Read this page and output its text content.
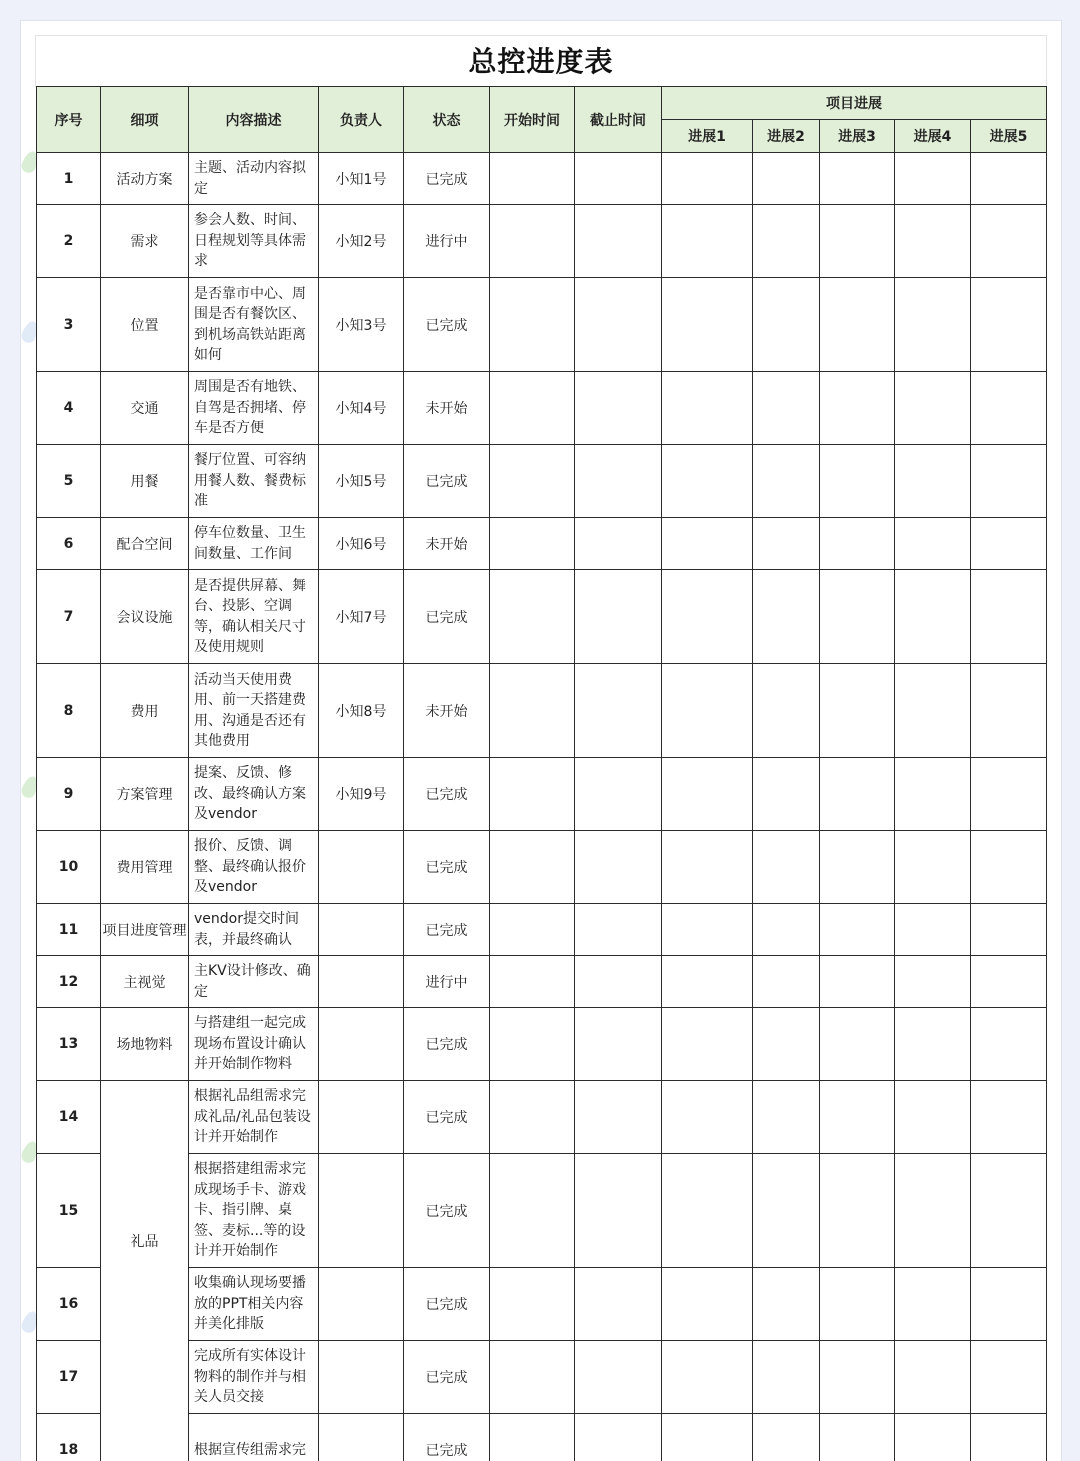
总控进度表
序号	细项	内容描述	负责人	状态	开始时间	截止时间	项目进展				
							进展1	进展2	进展3	进展4	进展5
1	活动方案	主题、活动内容拟定	小知1号	已完成							
2	需求	参会人数、时间、日程规划等具体需求	小知2号	进行中							
3	位置	是否靠市中心、周围是否有餐饮区、到机场高铁站距离如何	小知3号	已完成							
4	交通	周围是否有地铁、自驾是否拥堵、停车是否方便	小知4号	未开始							
5	用餐	餐厅位置、可容纳用餐人数、餐费标准	小知5号	已完成							
6	配合空间	停车位数量、卫生间数量、工作间	小知6号	未开始							
7	会议设施	是否提供屏幕、舞台、投影、空调等，确认相关尺寸及使用规则	小知7号	已完成							
8	费用	活动当天使用费用、前一天搭建费用、沟通是否还有其他费用	小知8号	未开始							
9	方案管理	提案、反馈、修改、最终确认方案及vendor	小知9号	已完成							
10	费用管理	报价、反馈、调整、最终确认报价及vendor		已完成							
11	项目进度管理	vendor提交时间表，并最终确认		已完成							
12	主视觉	主KV设计修改、确定		进行中							
13	场地物料	与搭建组一起完成现场布置设计确认并开始制作物料		已完成							
14	礼品	根据礼品组需求完成礼品/礼品包装设计并开始制作		已完成							
15		根据搭建组需求完成现场手卡、游戏卡、指引牌、桌签、麦标...等的设计并开始制作		已完成							
16		收集确认现场要播放的PPT相关内容并美化排版		已完成							
17		完成所有实体设计物料的制作并与相关人员交接		已完成							
18		根据宣传组需求完		已完成							
